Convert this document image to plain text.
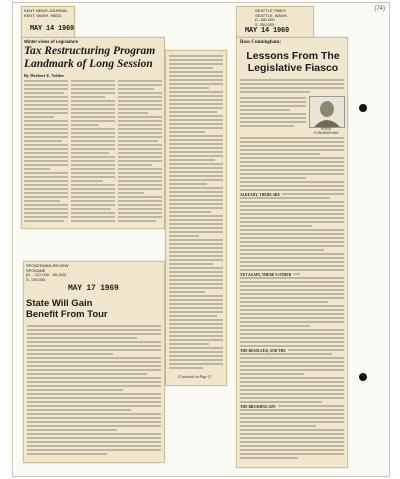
(74)
KENT NEWS-JOURNAL
KENT, WASH. 98031
MAY 14 1969
Winter views of Legislature
Tax Restructuring Program
Landmark of Long Session
By Herbert E. Veldee
(Continued on Page 2)
SPOKESMAN-REVIEW
SPOKANE
(D. - 117,000 - 80,150)
S. 130,054
MAY 17 1969
State Will Gain
Benefit From Tour
SEATTLE TIMES
SEATTLE, WASH.
D. 180,000
S. 250,000
MAY 14 1969
Ross Cunningham:
Lessons From The
Legislative Fiasco
ROSS
CUNNINGHAM
ALREADY, THERE ARE
YET AGAIN, THERE'S OTHER
THE RESOLVED, AND THE
THE BRUSHING OFF
